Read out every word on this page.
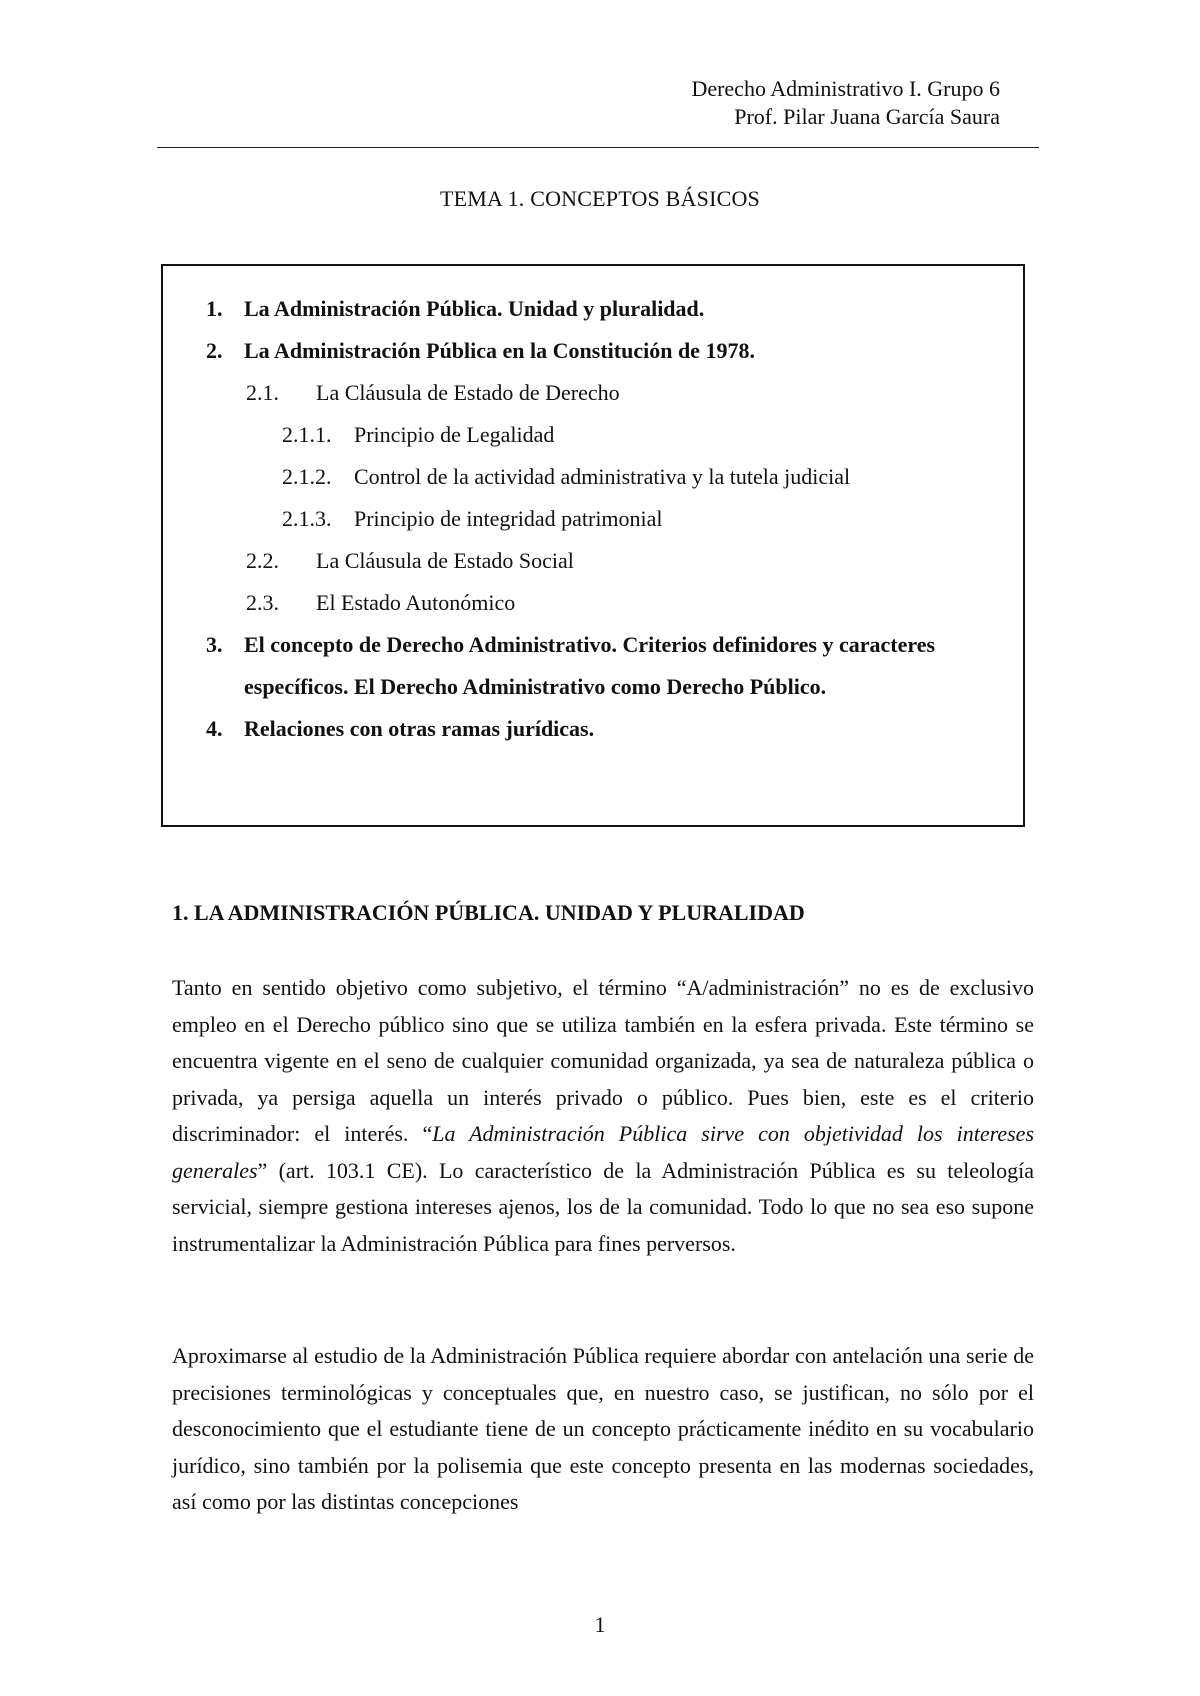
Derecho Administrativo I. Grupo 6
Prof. Pilar Juana García Saura
TEMA 1. CONCEPTOS BÁSICOS
1. La Administración Pública. Unidad y pluralidad.
2. La Administración Pública en la Constitución de 1978.
2.1. La Cláusula de Estado de Derecho
2.1.1. Principio de Legalidad
2.1.2. Control de la actividad administrativa y la tutela judicial
2.1.3. Principio de integridad patrimonial
2.2. La Cláusula de Estado Social
2.3. El Estado Autonómico
3. El concepto de Derecho Administrativo. Criterios definidores y caracteres
específicos. El Derecho Administrativo como Derecho Público.
4. Relaciones con otras ramas jurídicas.
1. LA ADMINISTRACIÓN PÚBLICA. UNIDAD Y PLURALIDAD

Tanto en sentido objetivo como subjetivo, el término “A/administración” no es de exclusivo empleo en el Derecho público sino que se utiliza también en la esfera privada. Este término se encuentra vigente en el seno de cualquier comunidad organizada, ya sea de naturaleza pública o privada, ya persiga aquella un interés privado o público. Pues bien, este es el criterio discriminador: el interés. “La Administración Pública sirve con objetividad los intereses generales” (art. 103.1 CE). Lo característico de la Administración Pública es su teleología servicial, siempre gestiona intereses ajenos, los de la comunidad. Todo lo que no sea eso supone instrumentalizar la Administración Pública para fines perversos.

Aproximarse al estudio de la Administración Pública requiere abordar con antelación una serie de precisiones terminológicas y conceptuales que, en nuestro caso, se justifican, no sólo por el desconocimiento que el estudiante tiene de un concepto prácticamente inédito en su vocabulario jurídico, sino también por la polisemia que este concepto presenta en las modernas sociedades, así como por las distintas concepciones

1
